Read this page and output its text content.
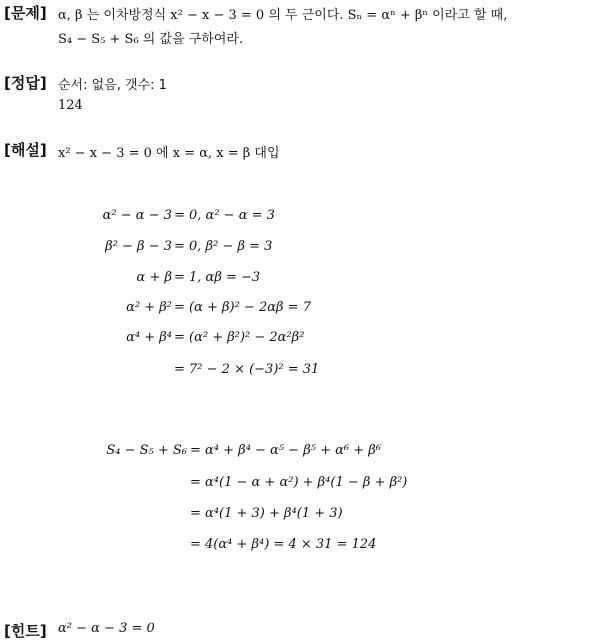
[문제] α, β 는 이차방정식 x² − x − 3 = 0 의 두 근이다. Sₙ = αⁿ + βⁿ 이라고 할 때,
S₄ − S₅ + S₆ 의 값을 구하여라.
[정답] 순서: 없음, 갯수: 1
124
[해설] x² − x − 3 = 0 에 x = α, x = β 대입
α² − α − 3 = 0, α² − α = 3
β² − β − 3 = 0, β² − β = 3
α + β = 1, αβ = −3
α² + β² = (α + β)² − 2αβ = 7
α⁴ + β⁴ = (α² + β²)² − 2α²β²
= 7² − 2 × (−3)² = 31
S₄ − S₅ + S₆ = α⁴ + β⁴ − α⁵ − β⁵ + α⁶ + β⁶
= α⁴(1 − α + α²) + β⁴(1 − β + β²)
= α⁴(1 + 3) + β⁴(1 + 3)
= 4(α⁴ + β⁴) = 4 × 31 = 124
[힌트] α² − α − 3 = 0
